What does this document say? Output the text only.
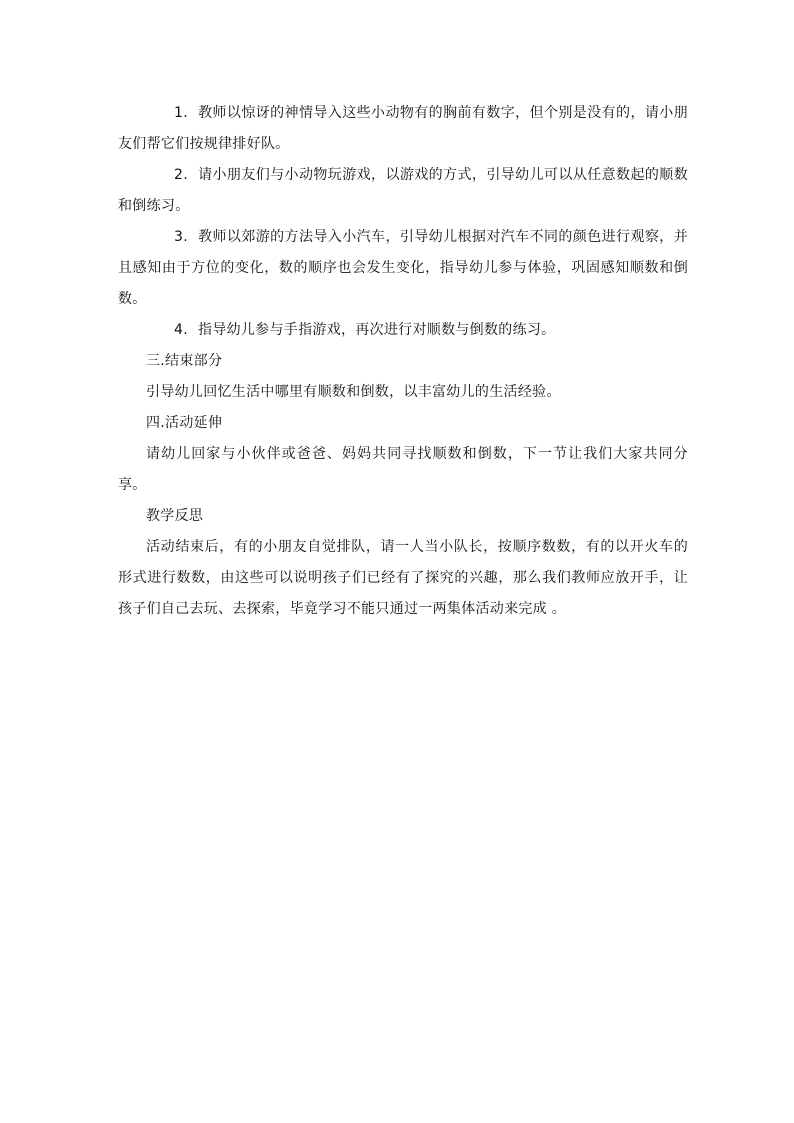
1. 教师以惊讶的神情导入这些小动物有的胸前有数字，但个别是没有的，请小朋友们帮它们按规律排好队。

2. 请小朋友们与小动物玩游戏，以游戏的方式，引导幼儿可以从任意数起的顺数和倒练习。

3. 教师以郊游的方法导入小汽车，引导幼儿根据对汽车不同的颜色进行观察，并且感知由于方位的变化，数的顺序也会发生变化，指导幼儿参与体验，巩固感知顺数和倒数。

4. 指导幼儿参与手指游戏，再次进行对顺数与倒数的练习。

三.结束部分

引导幼儿回忆生活中哪里有顺数和倒数，以丰富幼儿的生活经验。

四.活动延伸

请幼儿回家与小伙伴或爸爸、妈妈共同寻找顺数和倒数，下一节让我们大家共同分享。

教学反思

活动结束后，有的小朋友自觉排队，请一人当小队长，按顺序数数，有的以开火车的形式进行数数，由这些可以说明孩子们已经有了探究的兴趣，那么我们教师应放开手，让孩子们自己去玩、去探索，毕竟学习不能只通过一两集体活动来完成 。
